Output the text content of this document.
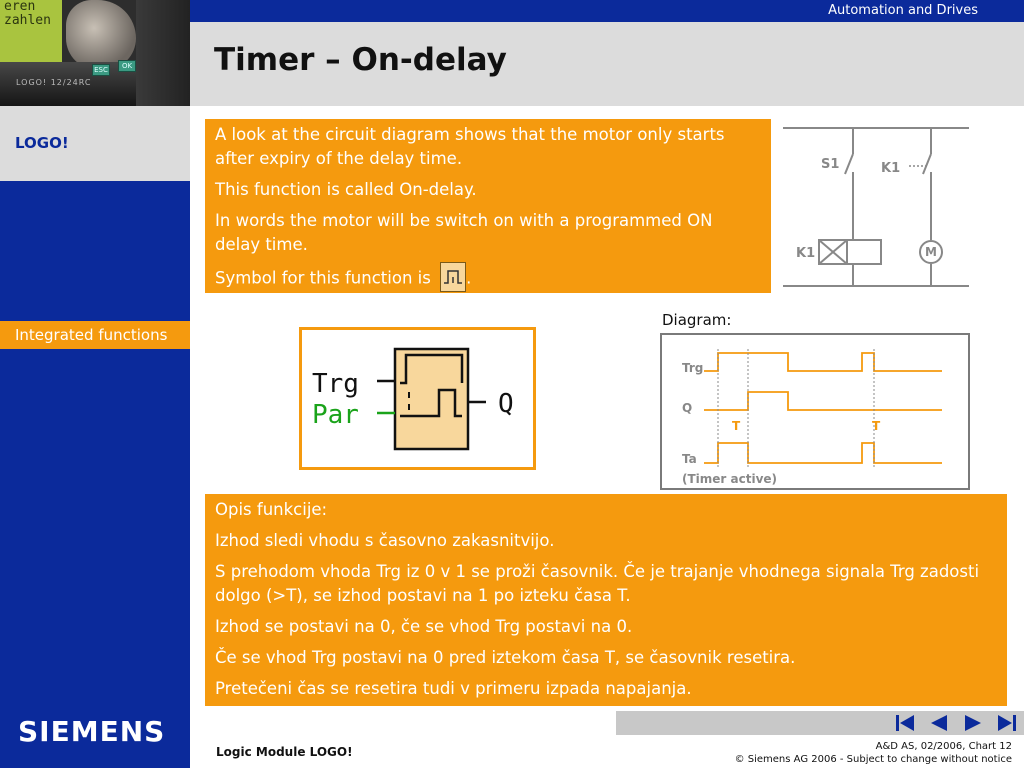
eren
zahlen
ESC	OK
LOGO! 12/24RC
Automation and Drives
Timer – On-delay
LOGO!
Integrated functions
SIEMENS

A look at the circuit diagram shows that the motor only starts after expiry of the delay time.

This function is called On-delay.

In words the motor will be switch on with a programmed ON delay time.

Symbol for this function is .

S1	K1
K1	M
Trg
Par	Q
Diagram:
Trg
Q
Ta
T	T
(Timer active)

Opis funkcije:

Izhod sledi vhodu s časovno zakasnitvijo.

S prehodom vhoda Trg iz 0 v 1 se proži časovnik. Če je trajanje vhodnega signala Trg zadosti dolgo (>T), se izhod postavi na 1 po izteku časa T.

Izhod se postavi na 0, če se vhod Trg postavi na 0.

Če se vhod Trg postavi na 0 pred iztekom časa T, se časovnik resetira.

Pretečeni čas se resetira tudi v primeru izpada napajanja.

Logic Module LOGO!	A&D AS, 02/2006, Chart 12
© Siemens AG 2006 - Subject to change without notice
